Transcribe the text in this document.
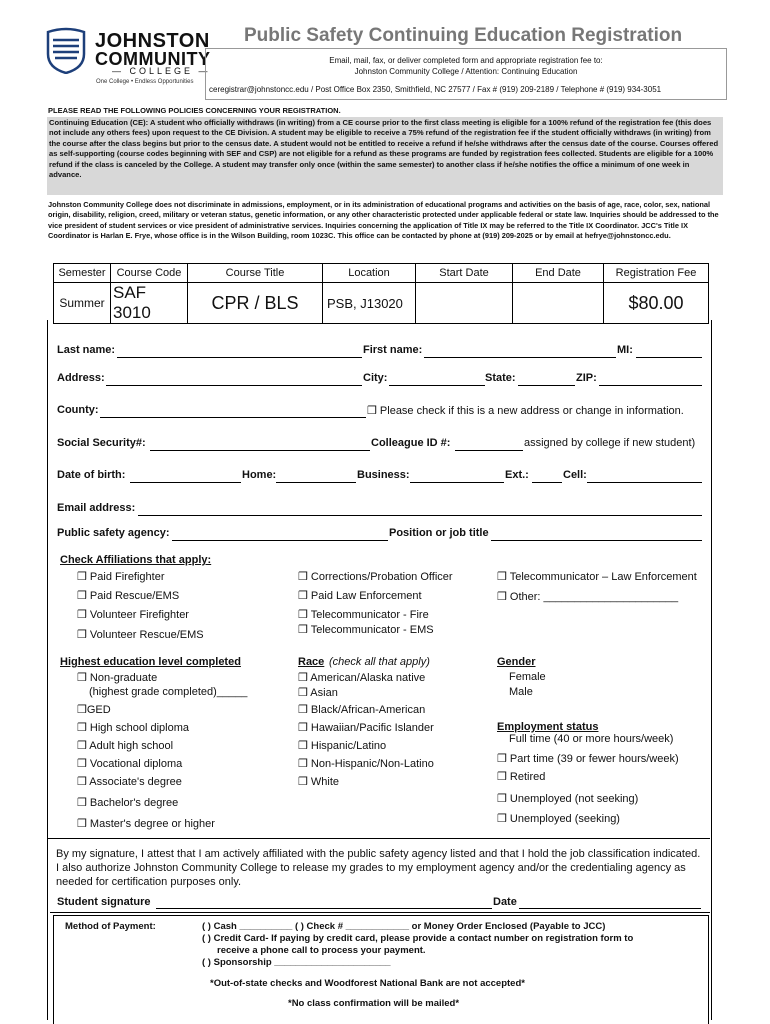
JOHNSTON
COMMUNITY
— COLLEGE —
One College • Endless Opportunities
Public Safety Continuing Education Registration
Email, mail, fax, or deliver completed form and appropriate registration fee to:
Johnston Community College / Attention: Continuing Education
ceregistrar@johnstoncc.edu / Post Office Box 2350, Smithfield, NC 27577 / Fax # (919) 209-2189 / Telephone # (919) 934-3051
PLEASE READ THE FOLLOWING POLICIES CONCERNING YOUR REGISTRATION.
Continuing Education (CE): A student who officially withdraws (in writing) from a CE course prior to the first class meeting is eligible for a 100% refund of the registration fee (this does not include any others fees) upon request to the CE Division. A student may be eligible to receive a 75% refund of the registration fee if the student officially withdraws (in writing) from the course after the class begins but prior to the census date. A student would not be entitled to receive a refund if he/she withdraws after the census date of the course. Courses offered as self-supporting (course codes beginning with SEF and CSP) are not eligible for a refund as these programs are funded by registration fees collected. Students are eligible for a 100% refund if the class is canceled by the College. A student may transfer only once (within the same semester) to another class if he/she notifies the office a minimum of one week in advance.
Johnston Community College does not discriminate in admissions, employment, or in its administration of educational programs and activities on the basis of age, race, color, sex, national origin, disability, religion, creed, military or veteran status, genetic information, or any other characteristic protected under applicable federal or state law. Inquiries should be addressed to the vice president of student services or vice president of administrative services. Inquiries concerning the application of Title IX may be referred to the Title IX Coordinator. JCC's Title IX Coordinator is Harlan E. Frye, whose office is in the Wilson Building, room 1023C. This office can be contacted by phone at (919) 209-2025 or by email at hefrye@johnstoncc.edu.
Semester	Course Code	Course Title	Location	Start Date	End Date	Registration Fee
Summer	SAF 3010	CPR / BLS	PSB, J13020			$80.00
Last name:	First name:	MI:
Address:	City:	State:	ZIP:
County:	❒ Please check if this is a new address or change in information.
Social Security#:	Colleague ID #:	assigned by college if new student)
Date of birth:	Home:	Business:	Ext.:	Cell:
Email address:
Public safety agency:	Position or job title
Check Affiliations that apply:
❒ Paid Firefighter
❒ Paid Rescue/EMS
❒ Volunteer Firefighter
❒ Volunteer Rescue/EMS
❒ Corrections/Probation Officer
❒ Paid Law Enforcement
❒ Telecommunicator - Fire
❒ Telecommunicator - EMS
❒ Telecommunicator – Law Enforcement
❒ Other: ______________________
Highest education level completed
❒ Non-graduate
(highest grade completed)_____
❒GED
❒ High school diploma
❒ Adult high school
❒ Vocational diploma
❒ Associate's degree
❒ Bachelor's degree
❒ Master's degree or higher
Race (check all that apply)
❒ American/Alaska native
❒ Asian
❒ Black/African-American
❒ Hawaiian/Pacific Islander
❒ Hispanic/Latino
❒ Non-Hispanic/Non-Latino
❒ White
Gender
Female
Male
Employment status
Full time (40 or more hours/week)
❒ Part time (39 or fewer hours/week)
❒ Retired
❒ Unemployed (not seeking)
❒ Unemployed (seeking)
By my signature, I attest that I am actively affiliated with the public safety agency listed and that I hold the job classification indicated. I also authorize Johnston Community College to release my grades to my employment agency and/or the credentialing agency as needed for certification purposes only.
Student signature	Date
Method of Payment:	( ) Cash __________ ( ) Check # ____________ or Money Order Enclosed (Payable to JCC)
( ) Credit Card- If paying by credit card, please provide a contact number on registration form to
receive a phone call to process your payment.
( ) Sponsorship ______________________
*Out-of-state checks and Woodforest National Bank are not accepted*
*No class confirmation will be mailed*
